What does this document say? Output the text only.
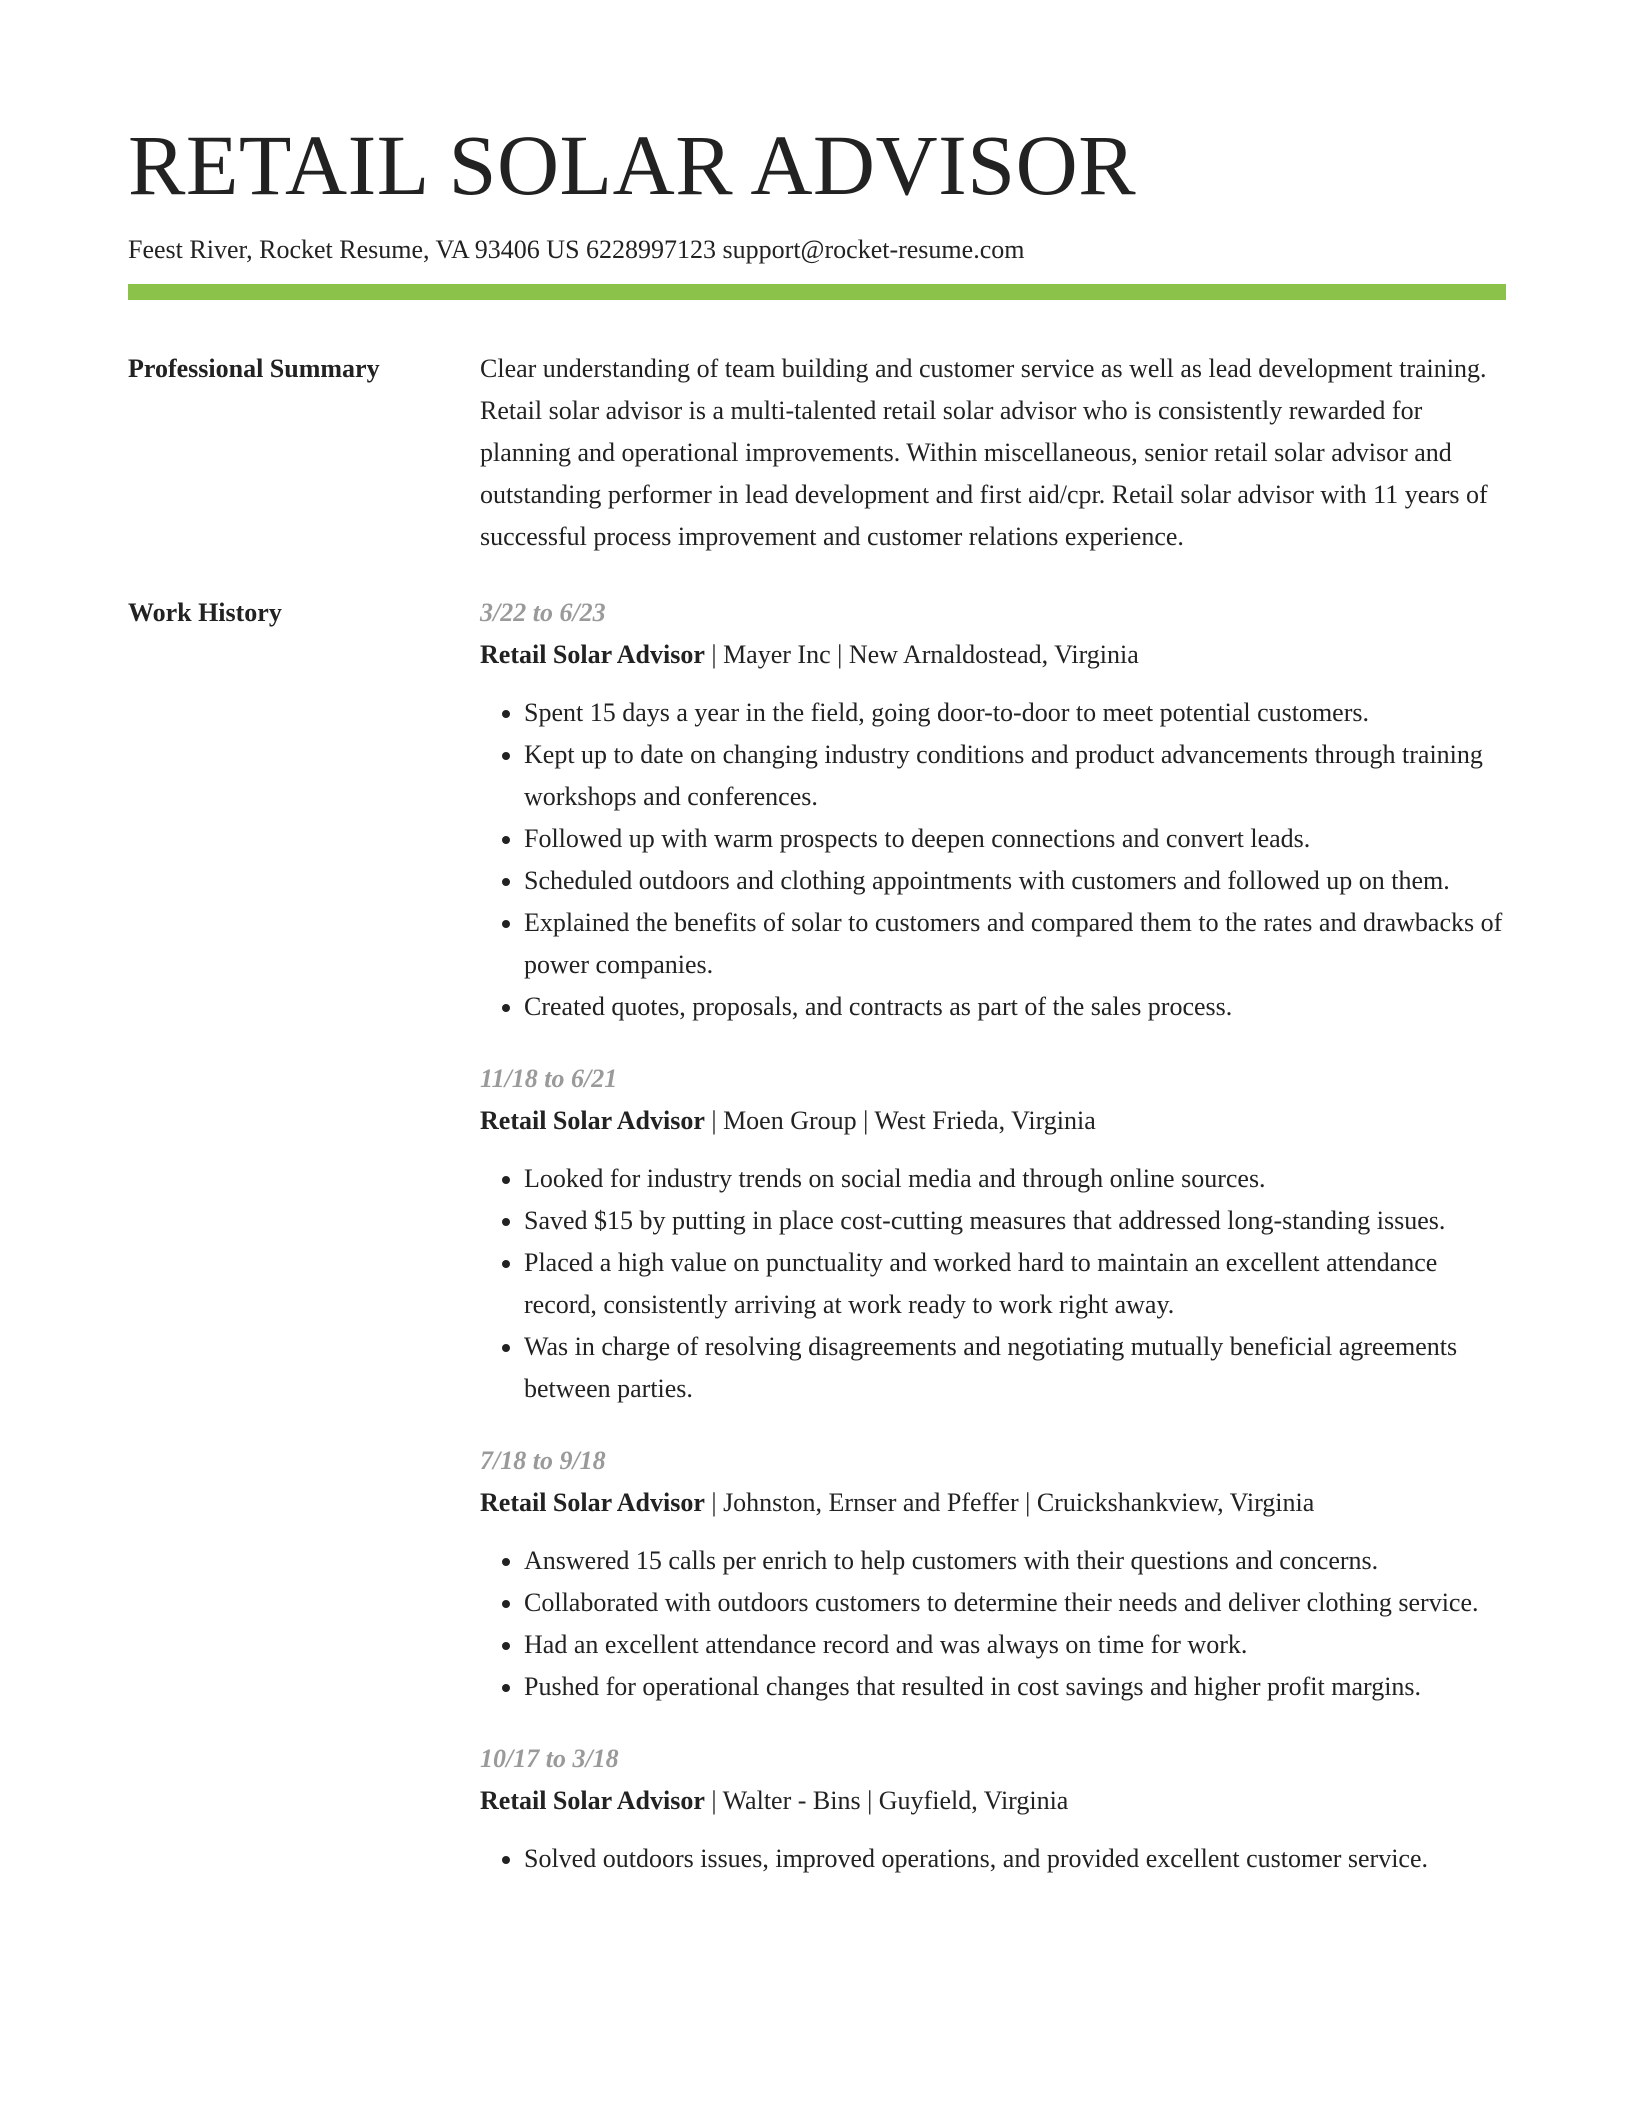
RETAIL SOLAR ADVISOR
Feest River, Rocket Resume, VA 93406 US 6228997123 support@rocket-resume.com
Professional Summary	Clear understanding of team building and customer service as well as lead development training. Retail solar advisor is a multi-talented retail solar advisor who is consistently rewarded for planning and operational improvements. Within miscellaneous, senior retail solar advisor and outstanding performer in lead development and first aid/cpr. Retail solar advisor with 11 years of successful process improvement and customer relations experience.
Work History	3/22 to 6/23
Retail Solar Advisor | Mayer Inc | New Arnaldostead, Virginia
• Spent 15 days a year in the field, going door-to-door to meet potential customers.
• Kept up to date on changing industry conditions and product advancements through training workshops and conferences.
• Followed up with warm prospects to deepen connections and convert leads.
• Scheduled outdoors and clothing appointments with customers and followed up on them.
• Explained the benefits of solar to customers and compared them to the rates and drawbacks of power companies.
• Created quotes, proposals, and contracts as part of the sales process.
11/18 to 6/21
Retail Solar Advisor | Moen Group | West Frieda, Virginia
• Looked for industry trends on social media and through online sources.
• Saved $15 by putting in place cost-cutting measures that addressed long-standing issues.
• Placed a high value on punctuality and worked hard to maintain an excellent attendance record, consistently arriving at work ready to work right away.
• Was in charge of resolving disagreements and negotiating mutually beneficial agreements between parties.
7/18 to 9/18
Retail Solar Advisor | Johnston, Ernser and Pfeffer | Cruickshankview, Virginia
• Answered 15 calls per enrich to help customers with their questions and concerns.
• Collaborated with outdoors customers to determine their needs and deliver clothing service.
• Had an excellent attendance record and was always on time for work.
• Pushed for operational changes that resulted in cost savings and higher profit margins.
10/17 to 3/18
Retail Solar Advisor | Walter - Bins | Guyfield, Virginia
• Solved outdoors issues, improved operations, and provided excellent customer service.
